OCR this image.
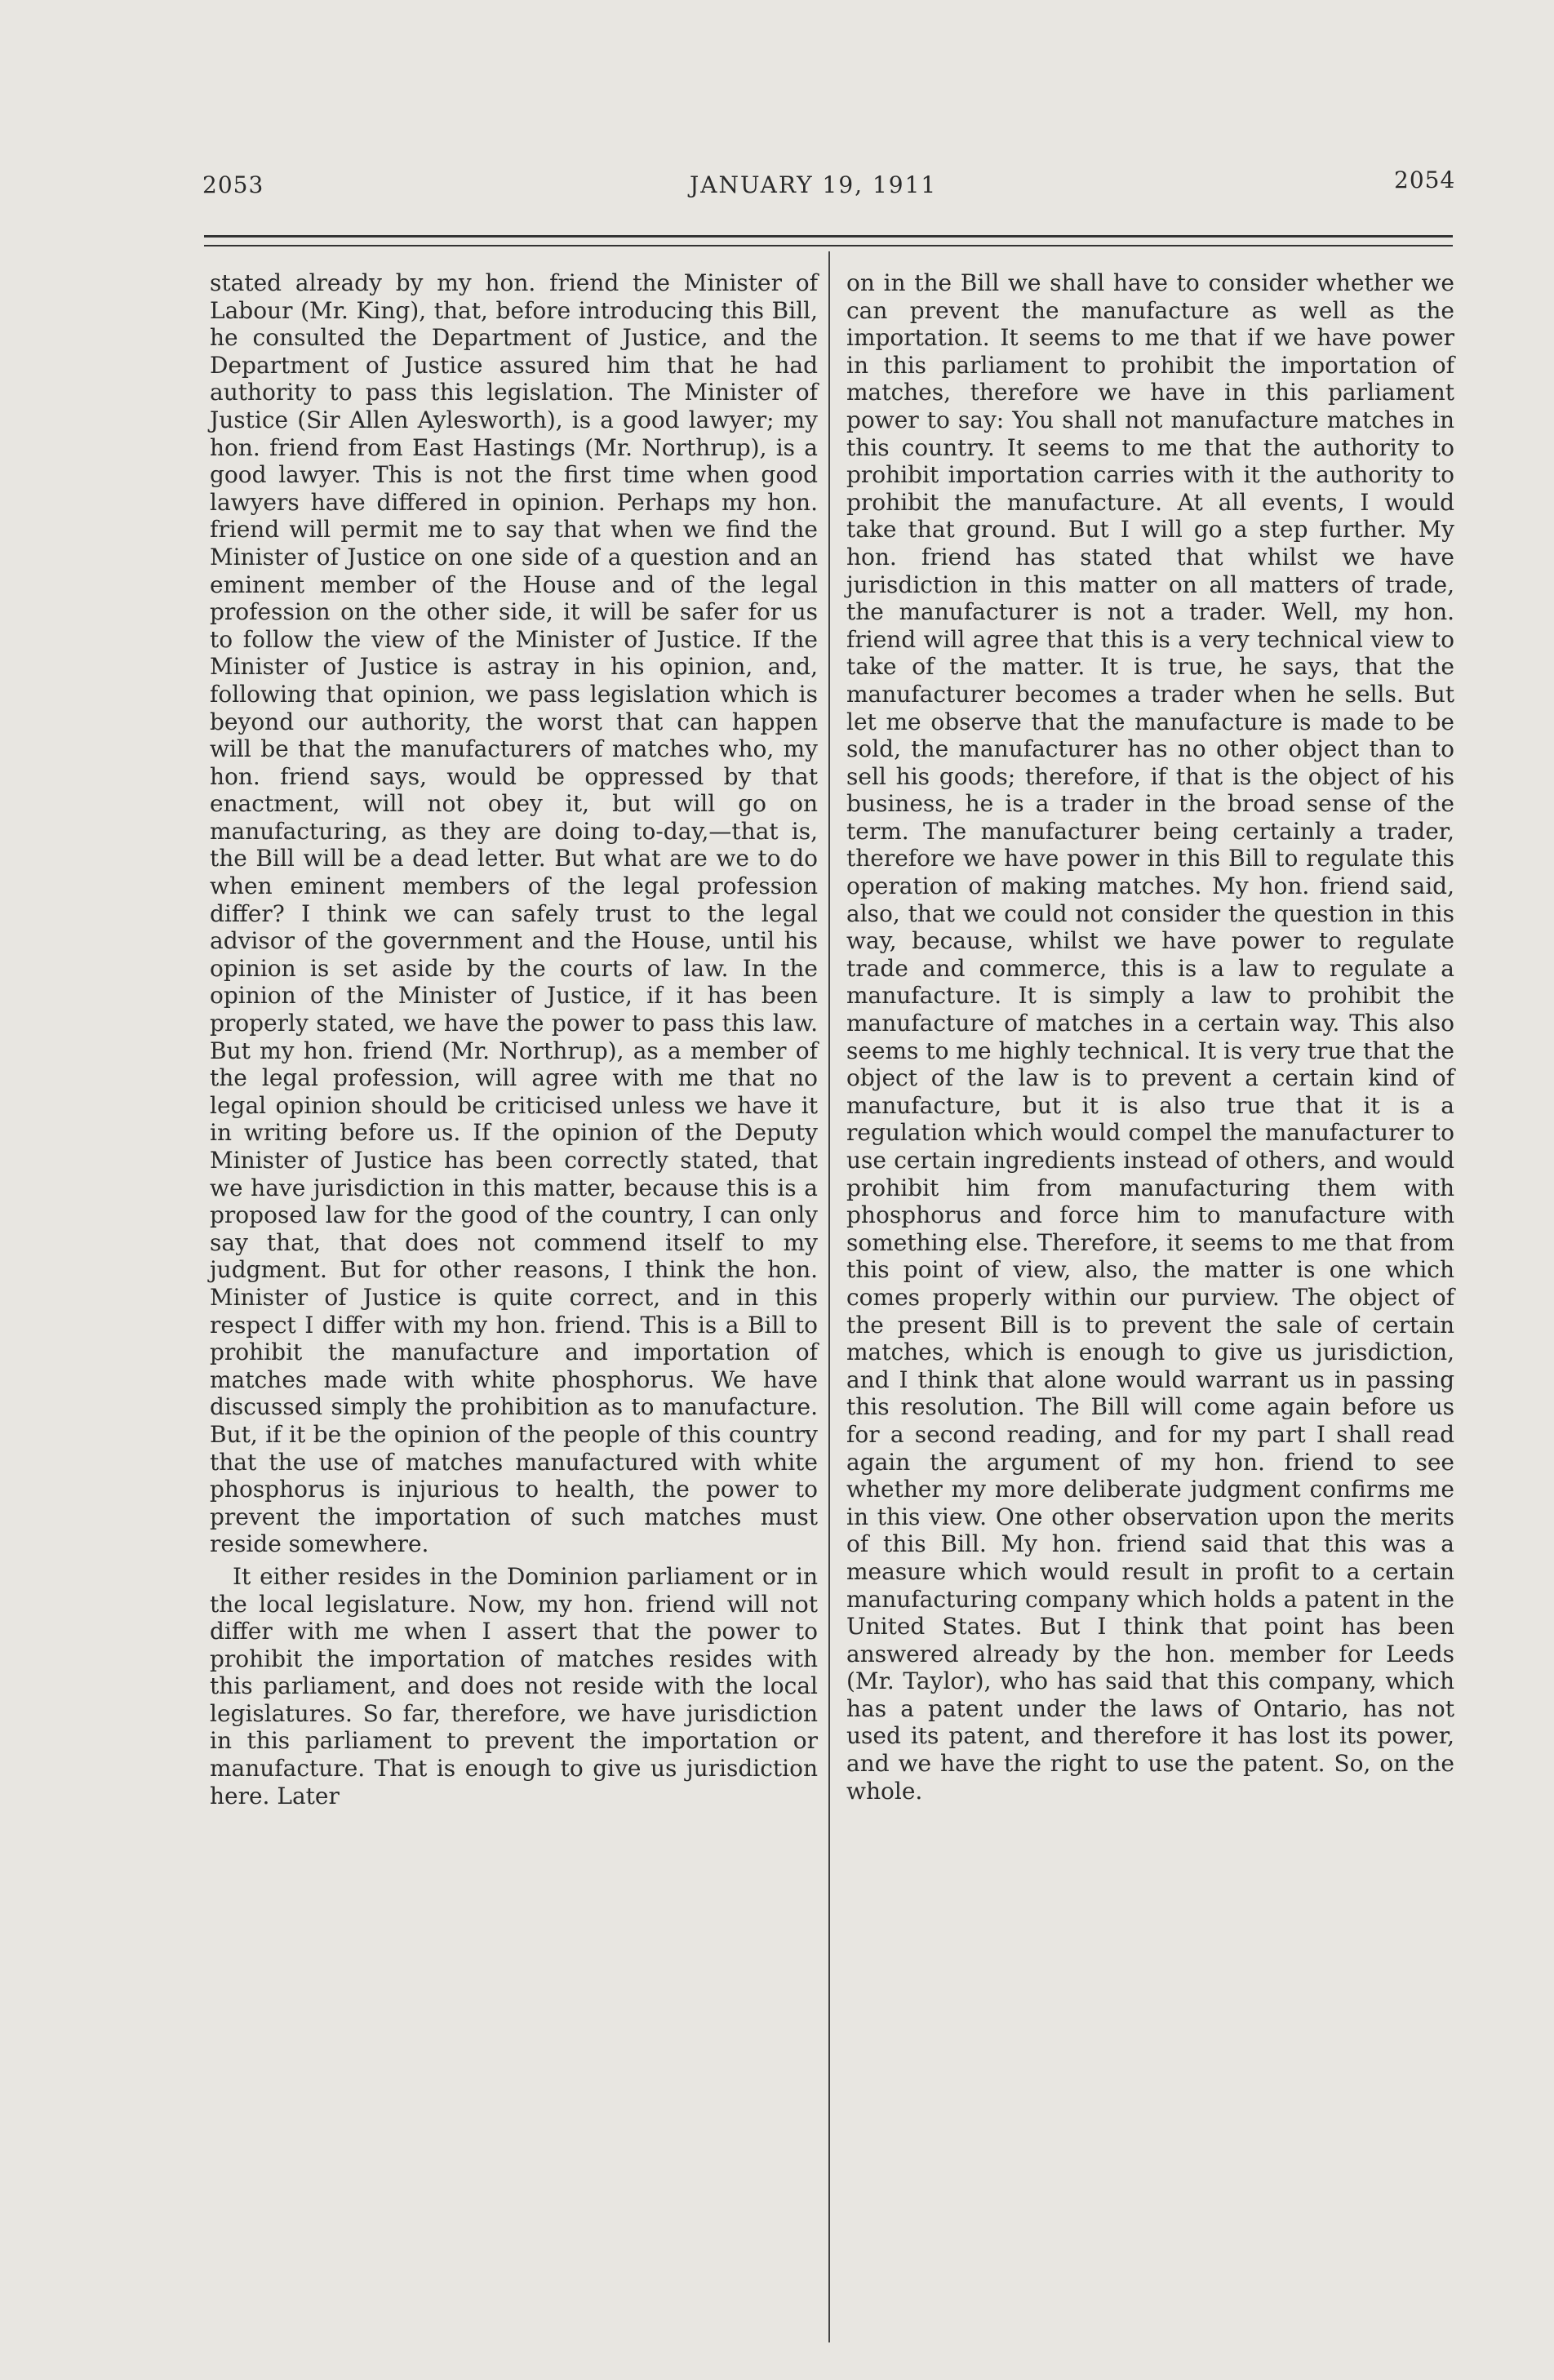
2053	JANUARY 19, 1911	2054

stated already by my hon. friend the Minister of Labour (Mr. King), that, before introducing this Bill, he consulted the Department of Justice, and the Department of Justice assured him that he had authority to pass this legislation. The Minister of Justice (Sir Allen Aylesworth), is a good lawyer; my hon. friend from East Hastings (Mr. Northrup), is a good lawyer. This is not the first time when good lawyers have differed in opinion. Perhaps my hon. friend will permit me to say that when we find the Minister of Justice on one side of a question and an eminent member of the House and of the legal profession on the other side, it will be safer for us to follow the view of the Minister of Justice. If the Minister of Justice is astray in his opinion, and, following that opinion, we pass legislation which is beyond our authority, the worst that can happen will be that the manufacturers of matches who, my hon. friend says, would be oppressed by that enactment, will not obey it, but will go on manufacturing, as they are doing to-day,—that is, the Bill will be a dead letter. But what are we to do when eminent members of the legal profession differ? I think we can safely trust to the legal advisor of the government and the House, until his opinion is set aside by the courts of law. In the opinion of the Minister of Justice, if it has been properly stated, we have the power to pass this law. But my hon. friend (Mr. Northrup), as a member of the legal profession, will agree with me that no legal opinion should be criticised unless we have it in writing before us. If the opinion of the Deputy Minister of Justice has been correctly stated, that we have jurisdiction in this matter, because this is a proposed law for the good of the country, I can only say that, that does not commend itself to my judgment. But for other reasons, I think the hon. Minister of Justice is quite correct, and in this respect I differ with my hon. friend. This is a Bill to prohibit the manufacture and importation of matches made with white phosphorus. We have discussed simply the prohibition as to manufacture. But, if it be the opinion of the people of this country that the use of matches manufactured with white phosphorus is injurious to health, the power to prevent the importation of such matches must reside somewhere.

It either resides in the Dominion parliament or in the local legislature. Now, my hon. friend will not differ with me when I assert that the power to prohibit the importation of matches resides with this parliament, and does not reside with the local legislatures. So far, therefore, we have jurisdiction in this parliament to prevent the importation or manufacture. That is enough to give us jurisdiction here. Later

on in the Bill we shall have to consider whether we can prevent the manufacture as well as the importation. It seems to me that if we have power in this parliament to prohibit the importation of matches, therefore we have in this parliament power to say: You shall not manufacture matches in this country. It seems to me that the authority to prohibit importation carries with it the authority to prohibit the manufacture. At all events, I would take that ground. But I will go a step further. My hon. friend has stated that whilst we have jurisdiction in this matter on all matters of trade, the manufacturer is not a trader. Well, my hon. friend will agree that this is a very technical view to take of the matter. It is true, he says, that the manufacturer becomes a trader when he sells. But let me observe that the manufacture is made to be sold, the manufacturer has no other object than to sell his goods; therefore, if that is the object of his business, he is a trader in the broad sense of the term. The manufacturer being certainly a trader, therefore we have power in this Bill to regulate this operation of making matches. My hon. friend said, also, that we could not consider the question in this way, because, whilst we have power to regulate trade and commerce, this is a law to regulate a manufacture. It is simply a law to prohibit the manufacture of matches in a certain way. This also seems to me highly technical. It is very true that the object of the law is to prevent a certain kind of manufacture, but it is also true that it is a regulation which would compel the manufacturer to use certain ingredients instead of others, and would prohibit him from manufacturing them with phosphorus and force him to manufacture with something else. Therefore, it seems to me that from this point of view, also, the matter is one which comes properly within our purview. The object of the present Bill is to prevent the sale of certain matches, which is enough to give us jurisdiction, and I think that alone would warrant us in passing this resolution. The Bill will come again before us for a second reading, and for my part I shall read again the argument of my hon. friend to see whether my more deliberate judgment confirms me in this view. One other observation upon the merits of this Bill. My hon. friend said that this was a measure which would result in profit to a certain manufacturing company which holds a patent in the United States. But I think that point has been answered already by the hon. member for Leeds (Mr. Taylor), who has said that this company, which has a patent under the laws of Ontario, has not used its patent, and therefore it has lost its power, and we have the right to use the patent. So, on the whole.
